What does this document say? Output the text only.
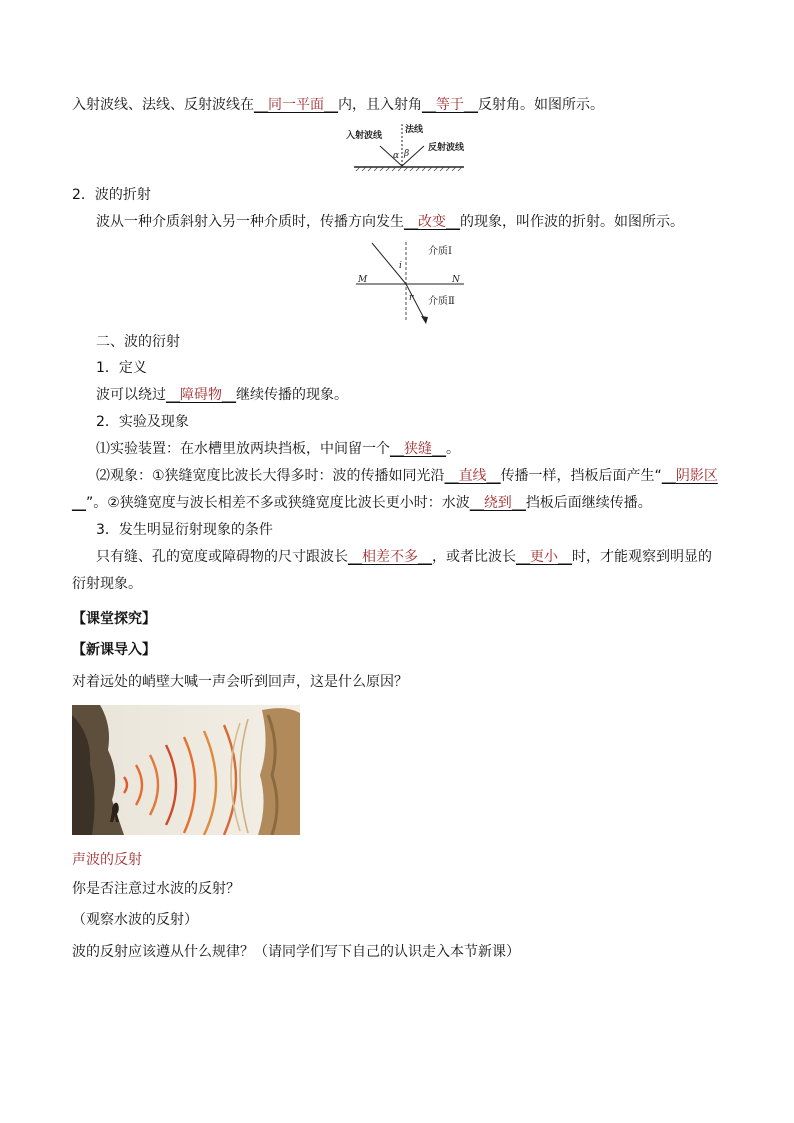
入射波线、法线、反射波线在__同一平面__内，且入射角__等于__反射角。如图所示。
入射波线
法线
反射波线
α β
2．波的折射
波从一种介质斜射入另一种介质时，传播方向发生__改变__的现象，叫作波的折射。如图所示。
介质Ⅰ
介质Ⅱ
M	N
i
r
二、波的衍射
1．定义
波可以绕过__障碍物__继续传播的现象。
2．实验及现象
⑴实验装置：在水槽里放两块挡板，中间留一个__狭缝__。
⑵观象：①狭缝宽度比波长大得多时：波的传播如同光沿__直线__传播一样，挡板后面产生“__阴影区
__”。②狭缝宽度与波长相差不多或狭缝宽度比波长更小时：水波__绕到__挡板后面继续传播。
3．发生明显衍射现象的条件
只有缝、孔的宽度或障碍物的尺寸跟波长__相差不多__，或者比波长__更小__时，才能观察到明显的
衍射现象。
【课堂探究】
【新课导入】
对着远处的峭壁大喊一声会听到回声，这是什么原因？
声波的反射
你是否注意过水波的反射？
（观察水波的反射）
波的反射应该遵从什么规律？（请同学们写下自己的认识走入本节新课）
